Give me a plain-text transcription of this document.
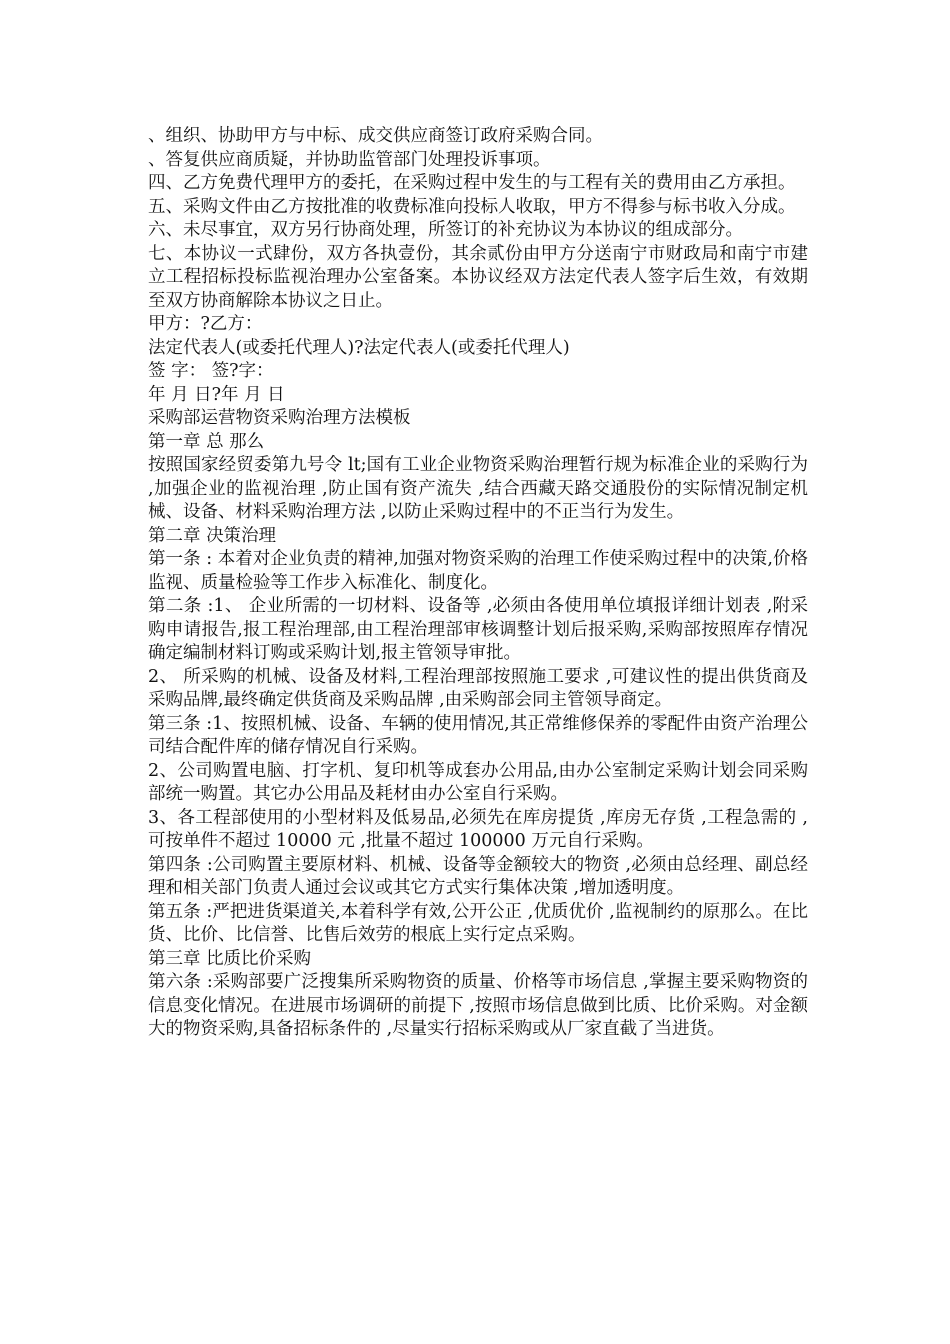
、组织、协助甲方与中标、成交供应商签订政府采购合同。

、答复供应商质疑，并协助监管部门处理投诉事项。

四、乙方免费代理甲方的委托，在采购过程中发生的与工程有关的费用由乙方承担。

五、采购文件由乙方按批准的收费标准向投标人收取，甲方不得参与标书收入分成。

六、未尽事宜，双方另行协商处理，所签订的补充协议为本协议的组成部分。

七、本协议一式肆份，双方各执壹份，其余贰份由甲方分送南宁市财政局和南宁市建立工程招标投标监视治理办公室备案。本协议经双方法定代表人签字后生效，有效期至双方协商解除本协议之日止。

甲方：?乙方：

法定代表人(或委托代理人)?法定代表人(或委托代理人)

签 字： 签?字：

年 月 日?年 月 日

采购部运营物资采购治理方法模板

第一章 总 那么

按照国家经贸委第九号令 lt;国有工业企业物资采购治理暂行规为标准企业的采购行为 ,加强企业的监视治理 ,防止国有资产流失 ,结合西藏天路交通股份的实际情况制定机械、设备、材料采购治理方法 ,以防止采购过程中的不正当行为发生。

第二章 决策治理

第一条 : 本着对企业负责的精神,加强对物资采购的治理工作使采购过程中的决策,价格监视、质量检验等工作步入标准化、制度化。

第二条 :1、 企业所需的一切材料、设备等 ,必须由各使用单位填报详细计划表 ,附采购申请报告,报工程治理部,由工程治理部审核调整计划后报采购,采购部按照库存情况确定编制材料订购或采购计划,报主管领导审批。

2、 所采购的机械、设备及材料,工程治理部按照施工要求 ,可建议性的提出供货商及采购品牌,最终确定供货商及采购品牌 ,由采购部会同主管领导商定。

第三条 :1、按照机械、设备、车辆的使用情况,其正常维修保养的零配件由资产治理公司结合配件库的储存情况自行采购。

2、公司购置电脑、打字机、复印机等成套办公用品,由办公室制定采购计划会同采购部统一购置。其它办公用品及耗材由办公室自行采购。

3、各工程部使用的小型材料及低易品,必须先在库房提货 ,库房无存货 ,工程急需的 ,可按单件不超过 10000 元 ,批量不超过 100000 万元自行采购。

第四条 :公司购置主要原材料、机械、设备等金额较大的物资 ,必须由总经理、副总经理和相关部门负责人通过会议或其它方式实行集体决策 ,增加透明度。

第五条 :严把进货渠道关,本着科学有效,公开公正 ,优质优价 ,监视制约的原那么。在比货、比价、比信誉、比售后效劳的根底上实行定点采购。

第三章 比质比价采购

第六条 :采购部要广泛搜集所采购物资的质量、价格等市场信息 ,掌握主要采购物资的信息变化情况。在进展市场调研的前提下 ,按照市场信息做到比质、比价采购。对金额大的物资采购,具备招标条件的 ,尽量实行招标采购或从厂家直截了当进货。
